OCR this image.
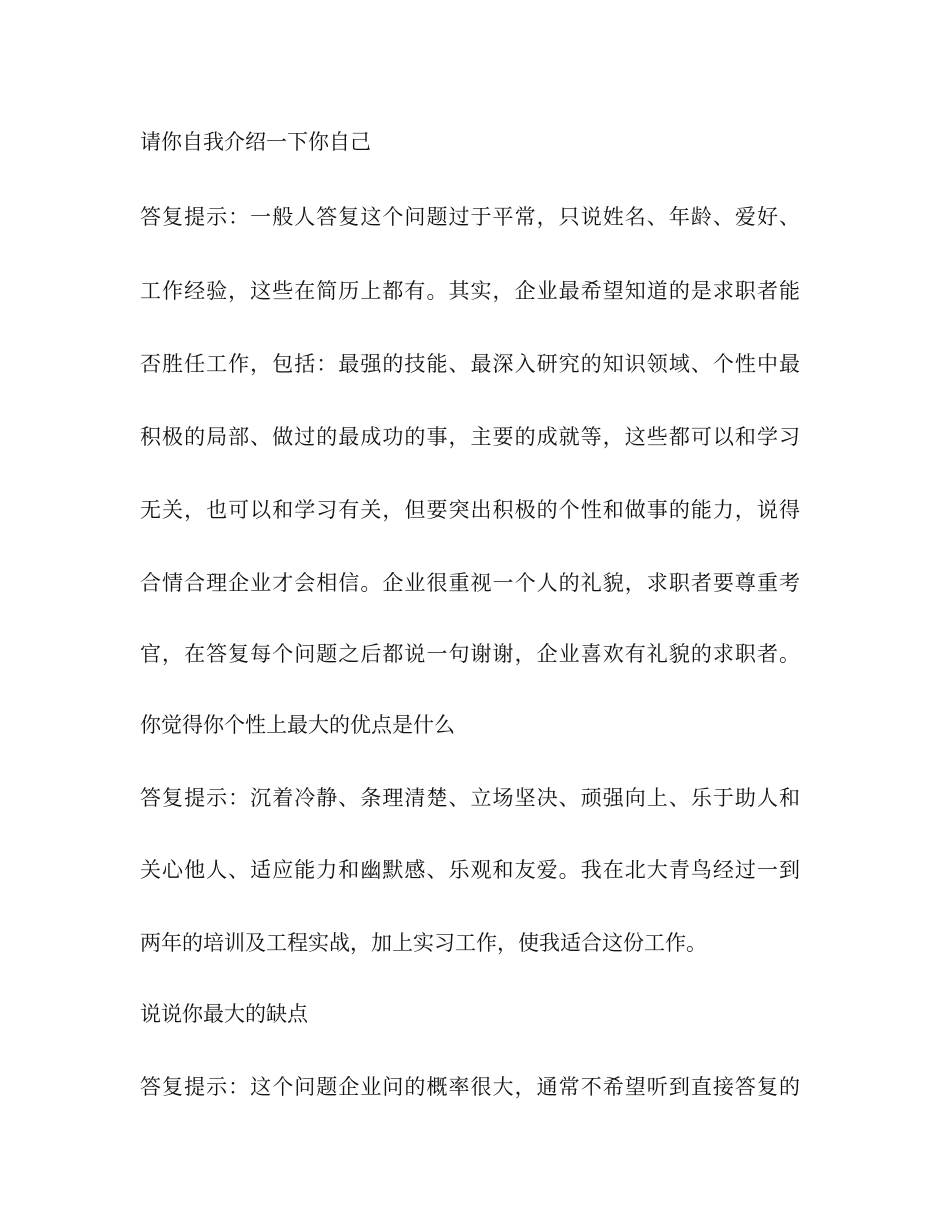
请你自我介绍一下你自己
答复提示：一般人答复这个问题过于平常，只说姓名、年龄、爱好、
工作经验，这些在简历上都有。其实，企业最希望知道的是求职者能
否胜任工作，包括：最强的技能、最深入研究的知识领域、个性中最
积极的局部、做过的最成功的事，主要的成就等，这些都可以和学习
无关，也可以和学习有关，但要突出积极的个性和做事的能力，说得
合情合理企业才会相信。企业很重视一个人的礼貌，求职者要尊重考
官，在答复每个问题之后都说一句谢谢，企业喜欢有礼貌的求职者。
你觉得你个性上最大的优点是什么
答复提示：沉着冷静、条理清楚、立场坚决、顽强向上、乐于助人和
关心他人、适应能力和幽默感、乐观和友爱。我在北大青鸟经过一到
两年的培训及工程实战，加上实习工作，使我适合这份工作。
说说你最大的缺点
答复提示：这个问题企业问的概率很大，通常不希望听到直接答复的
